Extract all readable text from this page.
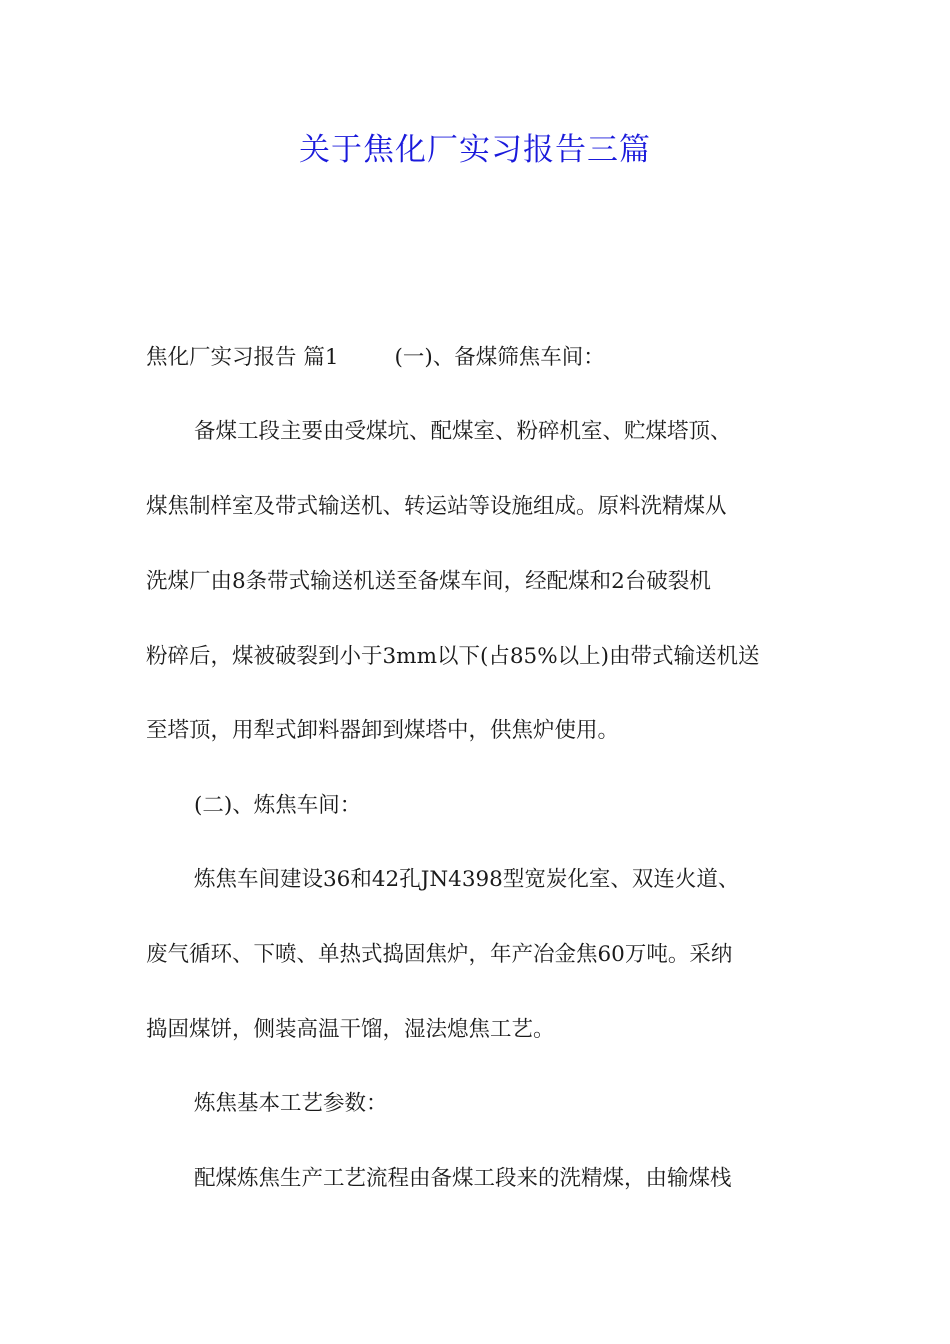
关于焦化厂实习报告三篇

焦化厂实习报告 篇1	(一)、备煤筛焦车间：

备煤工段主要由受煤坑、配煤室、粉碎机室、贮煤塔顶、

煤焦制样室及带式输送机、转运站等设施组成。原料洗精煤从

洗煤厂由8条带式输送机送至备煤车间，经配煤和2台破裂机

粉碎后，煤被破裂到小于3mm以下(占85%以上)由带式输送机送

至塔顶，用犁式卸料器卸到煤塔中，供焦炉使用。

(二)、炼焦车间：

炼焦车间建设36和42孔JN4398型宽炭化室、双连火道、

废气循环、下喷、单热式捣固焦炉，年产冶金焦60万吨。采纳

捣固煤饼，侧装高温干馏，湿法熄焦工艺。

炼焦基本工艺参数：

配煤炼焦生产工艺流程由备煤工段来的洗精煤，由输煤栈
